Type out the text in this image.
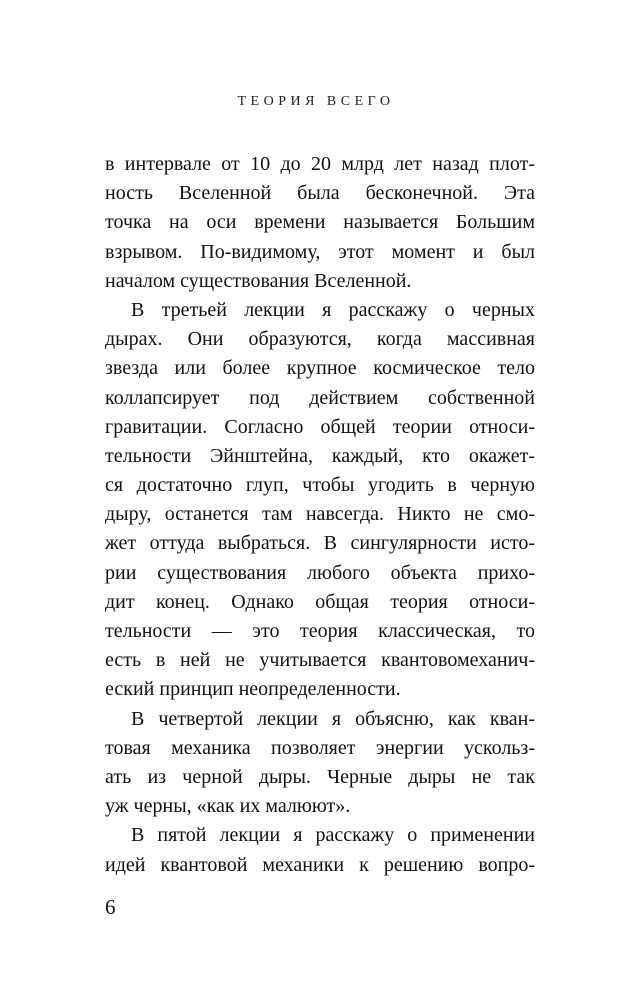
ТЕОРИЯ ВСЕГО
в интервале от 10 до 20 млрд лет назад плот-
ность Вселенной была бесконечной. Эта
точка на оси времени называется Большим
взрывом. По-видимому, этот момент и был
началом существования Вселенной.
В третьей лекции я расскажу о черных
дырах. Они образуются, когда массивная
звезда или более крупное космическое тело
коллапсирует под действием собственной
гравитации. Согласно общей теории относи-
тельности Эйнштейна, каждый, кто окажет-
ся достаточно глуп, чтобы угодить в черную
дыру, останется там навсегда. Никто не смо-
жет оттуда выбраться. В сингулярности исто-
рии существования любого объекта прихо-
дит конец. Однако общая теория относи-
тельности — это теория классическая, то
есть в ней не учитывается квантовомеханич-
еский принцип неопределенности.
В четвертой лекции я объясню, как кван-
товая механика позволяет энергии ускольз-
ать из черной дыры. Черные дыры не так
уж черны, «как их малюют».
В пятой лекции я расскажу о применении
идей квантовой механики к решению вопро-
6
